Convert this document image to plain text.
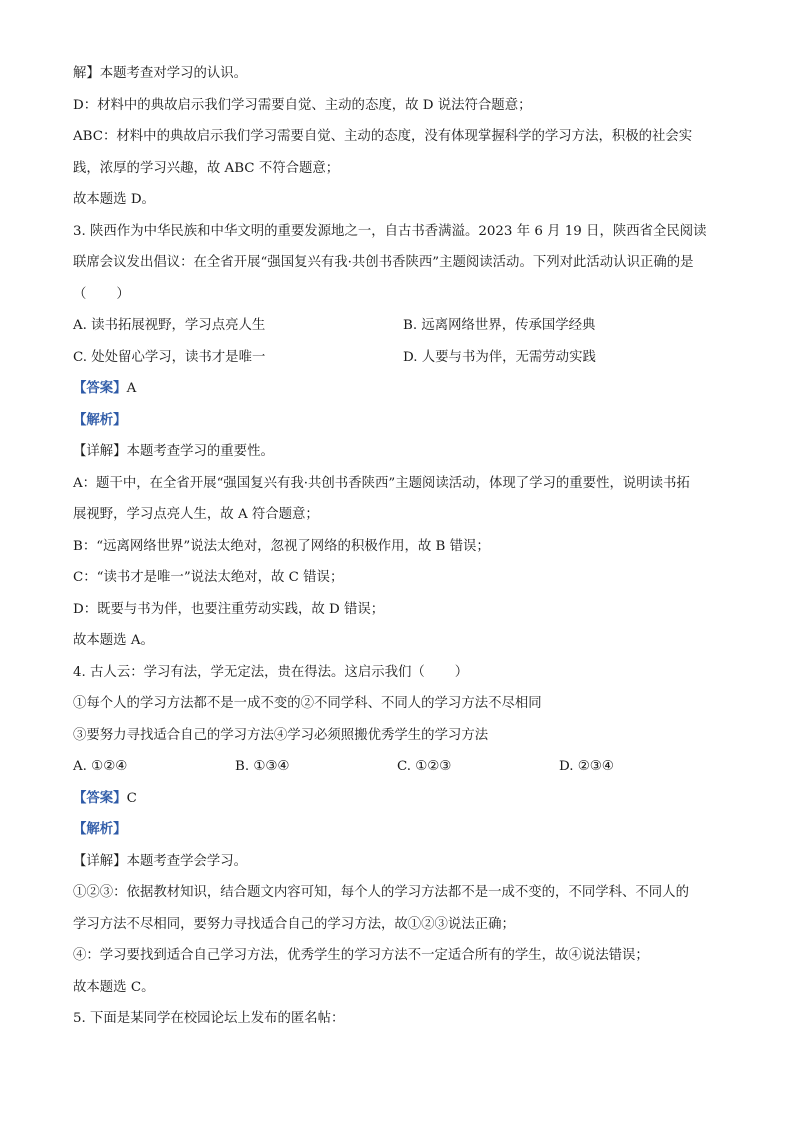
解】本题考查对学习的认识。
D：材料中的典故启示我们学习需要自觉、主动的态度，故 D 说法符合题意；
ABC：材料中的典故启示我们学习需要自觉、主动的态度，没有体现掌握科学的学习方法，积极的社会实
践，浓厚的学习兴趣，故 ABC 不符合题意；
故本题选 D。
3. 陕西作为中华民族和中华文明的重要发源地之一，自古书香满溢。2023 年 6 月 19 日，陕西省全民阅读
联席会议发出倡议：在全省开展“强国复兴有我·共创书香陕西”主题阅读活动。下列对此活动认识正确的是
（ ）
A. 读书拓展视野，学习点亮人生	B. 远离网络世界，传承国学经典
C. 处处留心学习，读书才是唯一	D. 人要与书为伴，无需劳动实践
【答案】A
【解析】
【详解】本题考查学习的重要性。
A：题干中，在全省开展“强国复兴有我·共创书香陕西”主题阅读活动，体现了学习的重要性，说明读书拓
展视野，学习点亮人生，故 A 符合题意；
B：“远离网络世界”说法太绝对，忽视了网络的积极作用，故 B 错误；
C：“读书才是唯一”说法太绝对，故 C 错误；
D：既要与书为伴，也要注重劳动实践，故 D 错误；
故本题选 A。
4. 古人云：学习有法，学无定法，贵在得法。这启示我们（ ）
①每个人的学习方法都不是一成不变的②不同学科、不同人的学习方法不尽相同
③要努力寻找适合自己的学习方法④学习必须照搬优秀学生的学习方法
A. ①②④	B. ①③④	C. ①②③	D. ②③④
【答案】C
【解析】
【详解】本题考查学会学习。
①②③：依据教材知识，结合题文内容可知，每个人的学习方法都不是一成不变的，不同学科、不同人的
学习方法不尽相同，要努力寻找适合自己的学习方法，故①②③说法正确；
④：学习要找到适合自己学习方法，优秀学生的学习方法不一定适合所有的学生，故④说法错误；
故本题选 C。
5. 下面是某同学在校园论坛上发布的匿名帖：
